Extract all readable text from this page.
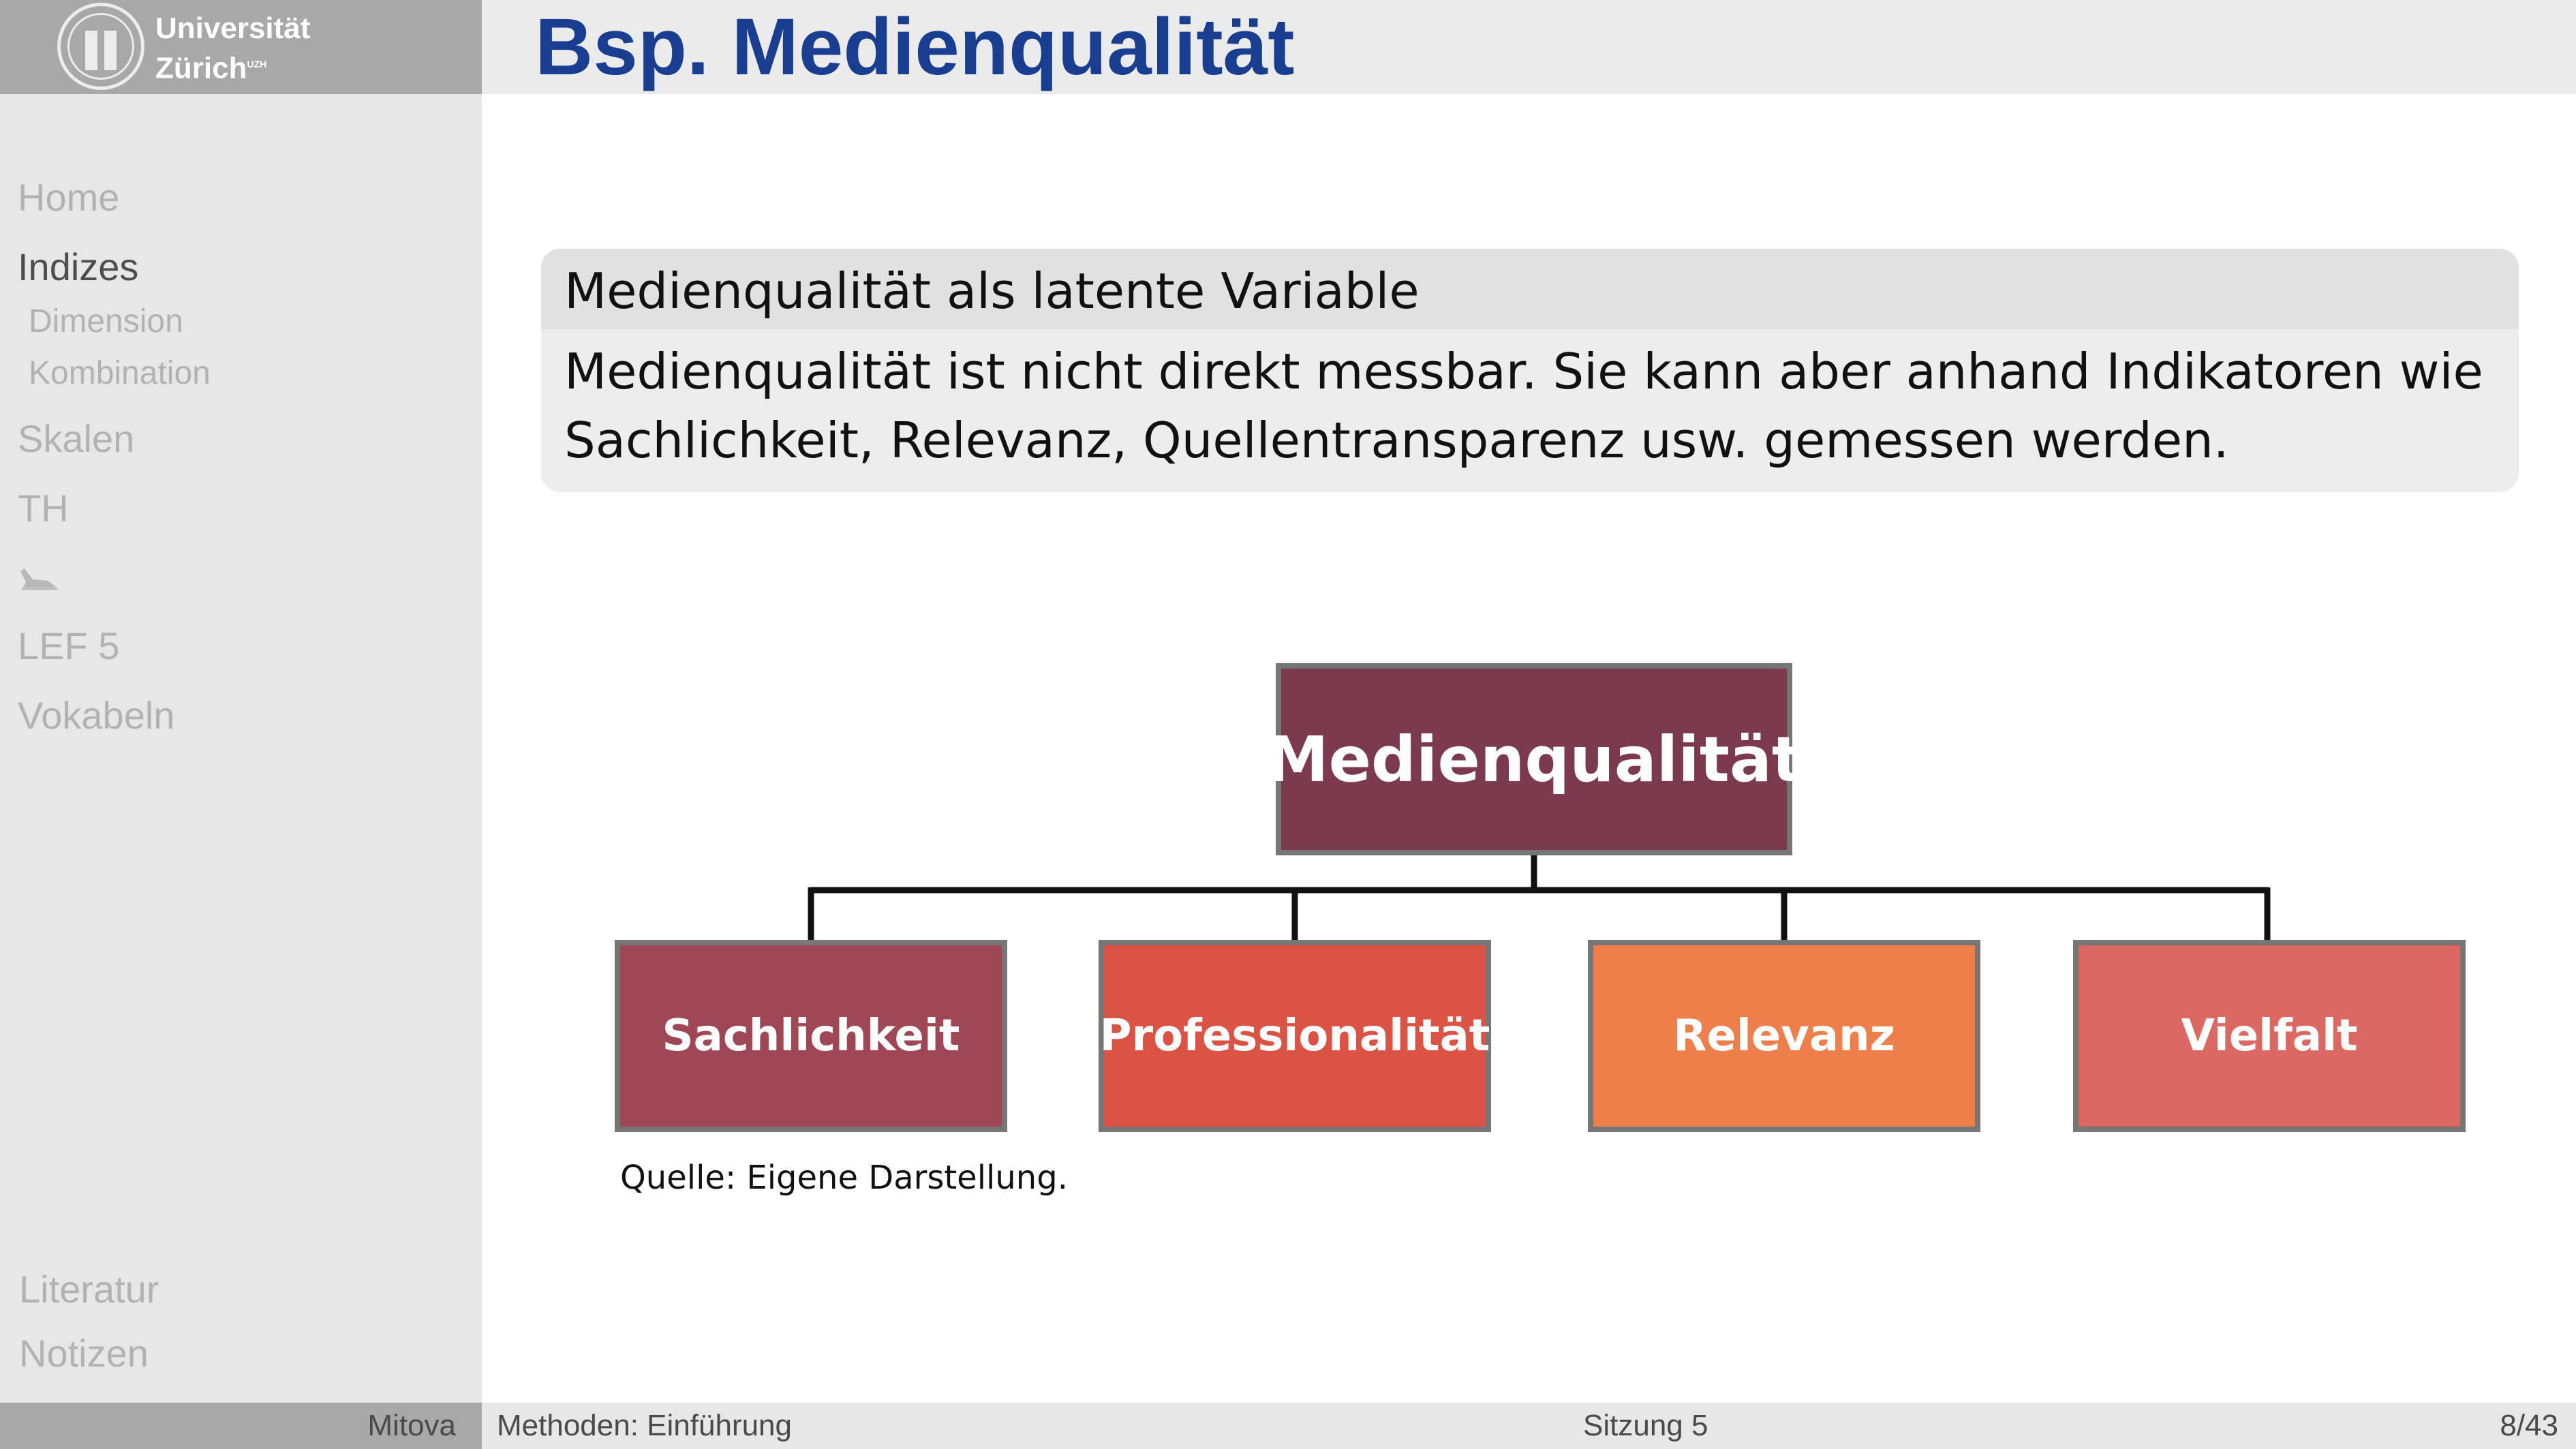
Universität
Zürich$^{UZH}$
Home
Indizes
Dimension
Kombination
Skalen
TH
LEF 5
Vokabeln
Literatur
Notizen
Bsp. Medienqualität
Medienqualität als latente Variable
Medienqualität ist nicht direkt messbar. Sie kann aber anhand Indikatoren wie Sachlichkeit, Relevanz, Quellentransparenz usw. gemessen werden.
Medienqualität
Sachlichkeit	Professionalität	Relevanz	Vielfalt
Quelle: Eigene Darstellung.
Mitova Methoden: Einführung	Sitzung 5	8/43
